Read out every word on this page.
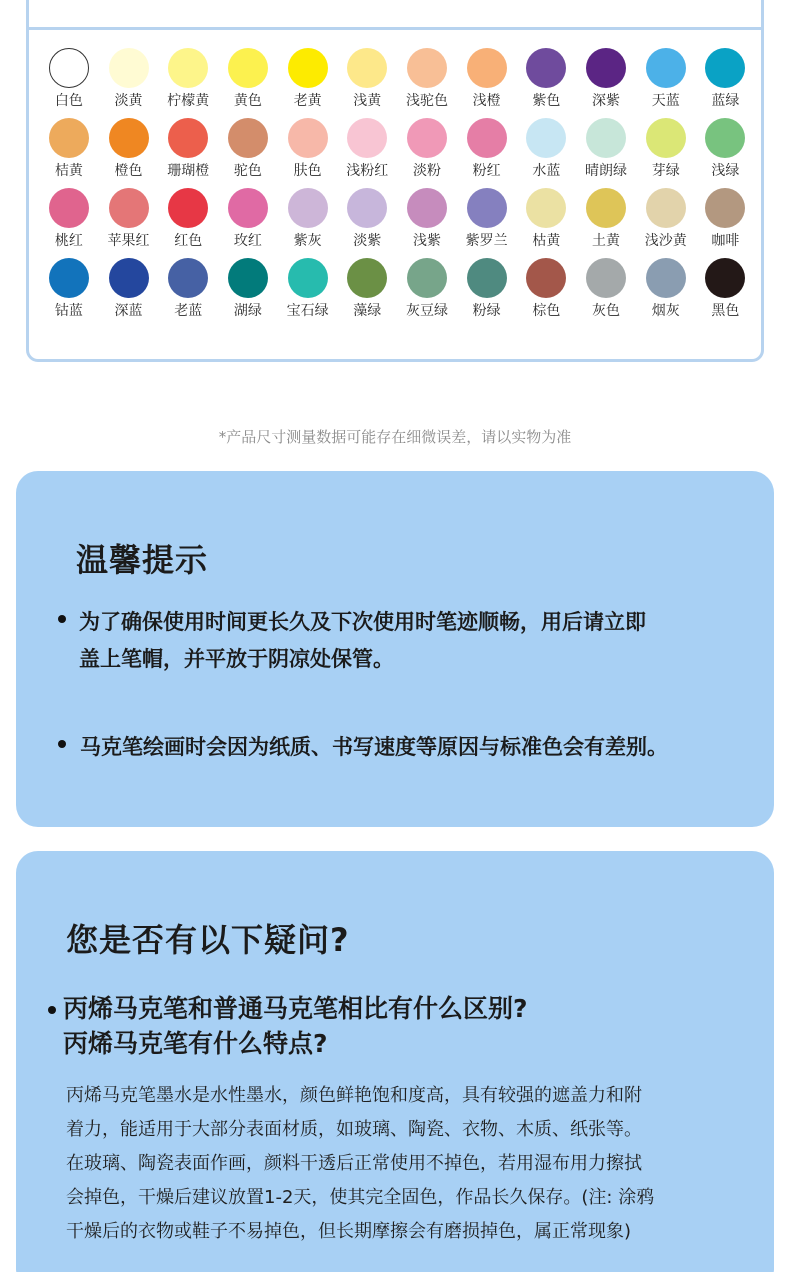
白色 淡黄 柠檬黄 黄色 老黄 浅黄 浅驼色 浅橙 紫色 深紫 天蓝 蓝绿
桔黄 橙色 珊瑚橙 驼色 肤色 浅粉红 淡粉 粉红 水蓝 晴朗绿 芽绿 浅绿
桃红 苹果红 红色 玫红 紫灰 淡紫 浅紫 紫罗兰 枯黄 土黄 浅沙黄 咖啡
钴蓝 深蓝 老蓝 湖绿 宝石绿 藻绿 灰豆绿 粉绿 棕色 灰色 烟灰 黑色
*产品尺寸测量数据可能存在细微误差，请以实物为准
温馨提示
为了确保使用时间更长久及下次使用时笔迹顺畅，用后请立即
盖上笔帽，并平放于阴凉处保管。
马克笔绘画时会因为纸质、书写速度等原因与标准色会有差别。
您是否有以下疑问?
丙烯马克笔和普通马克笔相比有什么区别?
丙烯马克笔有什么特点?
丙烯马克笔墨水是水性墨水，颜色鲜艳饱和度高，具有较强的遮盖力和附
着力，能适用于大部分表面材质，如玻璃、陶瓷、衣物、木质、纸张等。
在玻璃、陶瓷表面作画，颜料干透后正常使用不掉色，若用湿布用力擦拭
会掉色，干燥后建议放置1-2天，使其完全固色，作品长久保存。(注: 涂鸦
干燥后的衣物或鞋子不易掉色，但长期摩擦会有磨损掉色，属正常现象)
